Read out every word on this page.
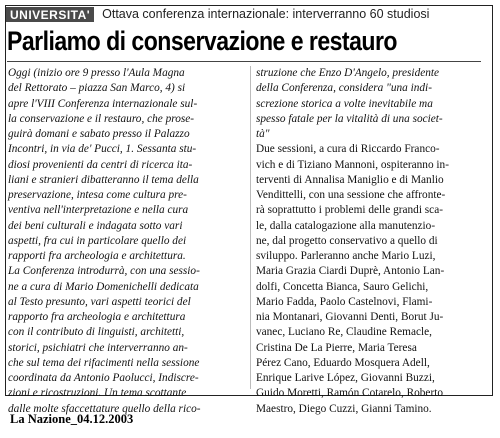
UNIVERSITA' Ottava conferenza internazionale: interverranno 60 studiosi
Parliamo di conservazione e restauro
Oggi (inizio ore 9 presso l'Aula Magna
del Rettorato – piazza San Marco, 4) si
apre l'VIII Conferenza internazionale sul-
la conservazione e il restauro, che prose-
guirà domani e sabato presso il Palazzo
Incontri, in via de' Pucci, 1. Sessanta stu-
diosi provenienti da centri di ricerca ita-
liani e stranieri dibatteranno il tema della
preservazione, intesa come cultura pre-
ventiva nell'interpretazione e nella cura
dei beni culturali e indagata sotto vari
aspetti, fra cui in particolare quello dei
rapporti fra archeologia e architettura.
La Conferenza introdurrà, con una sessio-
ne a cura di Mario Domenichelli dedicata
al Testo presunto, vari aspetti teorici del
rapporto fra archeologia e architettura
con il contributo di linguisti, architetti,
storici, psichiatri che interverranno an-
che sul tema dei rifacimenti nella sessione
coordinata da Antonio Paolucci, Indiscre-
zioni e ricostruzioni. Un tema scottante
dalle molte sfaccettature quello della rico-
struzione che Enzo D'Angelo, presidente
della Conferenza, considera "una indi-
screzione storica a volte inevitabile ma
spesso fatale per la vitalità di una societ-
tà"
Due sessioni, a cura di Riccardo Franco-
vich e di Tiziano Mannoni, ospiteranno in-
terventi di Annalisa Maniglio e di Manlio
Vendittelli, con una sessione che affronte-
rà soprattutto i problemi delle grandi sca-
le, dalla catalogazione alla manutenzio-
ne, dal progetto conservativo a quello di
sviluppo. Parleranno anche Mario Luzi,
Maria Grazia Ciardi Duprè, Antonio Lan-
dolfi, Concetta Bianca, Sauro Gelichi,
Mario Fadda, Paolo Castelnovi, Flami-
nia Montanari, Giovanni Denti, Borut Ju-
vanec, Luciano Re, Claudine Remacle,
Cristina De La Pierre, Maria Teresa
Pérez Cano, Eduardo Mosquera Adell,
Enrique Larive López, Giovanni Buzzi,
Guido Moretti, Ramón Cotarelo, Roberto
Maestro, Diego Cuzzi, Gianni Tamino.
La Nazione_04.12.2003
